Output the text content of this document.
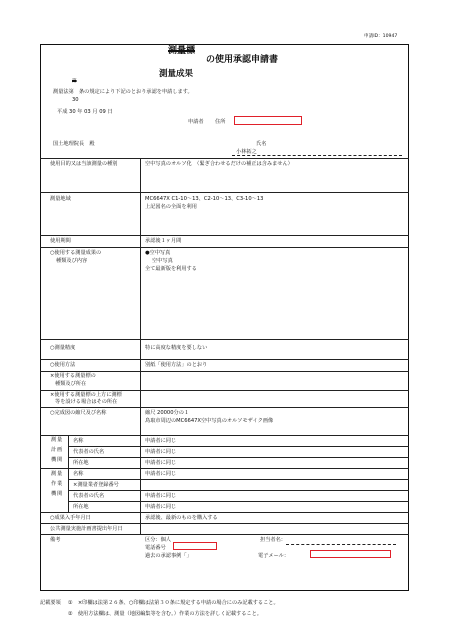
申請ID：10947
測量標
の使用承認申請書
測量成果
第
測量法第　条の規定により下記のとおり承認を申請します。
30
平成 30 年 03 月 09 日
申請者 住所
国土地理院長　殿	氏名
小林拓之
使用目的又は当該測量の種別	空中写真のオルソ化　（緊ぎ合わせるだけの補正は含みません）
測量地域	MC6647X C1-10～13、C2-10～13、C3-10～13
上記図名の全面を利用
使用期間	承認後１ヶ月間
○使用する測量成果の
種類及び内容
●空中写真
空中写真
全て最新版を利用する
○測量精度	特に高度な精度を要しない
○使用方法	別紙「使用方法」のとおり
×使用する測量標の
種類及び所在
×使用する測量標の上方に測標
等を設ける場合はその所在
○完成図の縮尺及び名称	縮尺 20000分の１
鳥取市周辺のMC6647X空中写真のオルソモザイク画像
測 量
計 画
機 関
名称	申請者に同じ
代表者の氏名	申請者に同じ
所在地	申請者に同じ
測 量
作 業
機 関
名称	申請者に同じ
×測量業者登録番号
代表者の氏名	申請者に同じ
所在地	申請者に同じ
○成果入手年月日	承認後、最新のものを購入する
公共測量実施計画書提出年月日
備考	区分：個人	担当者名：
電話番号
過去の承認事例「」	電子メール：
記載要領 ①　×印欄は法第２６条、○印欄は法第３０条に規定する申請の場合にのみ記載すること。
②　使用方法欄は、測量（地図編集等を含む。）作業の方法を詳しく記載すること。
